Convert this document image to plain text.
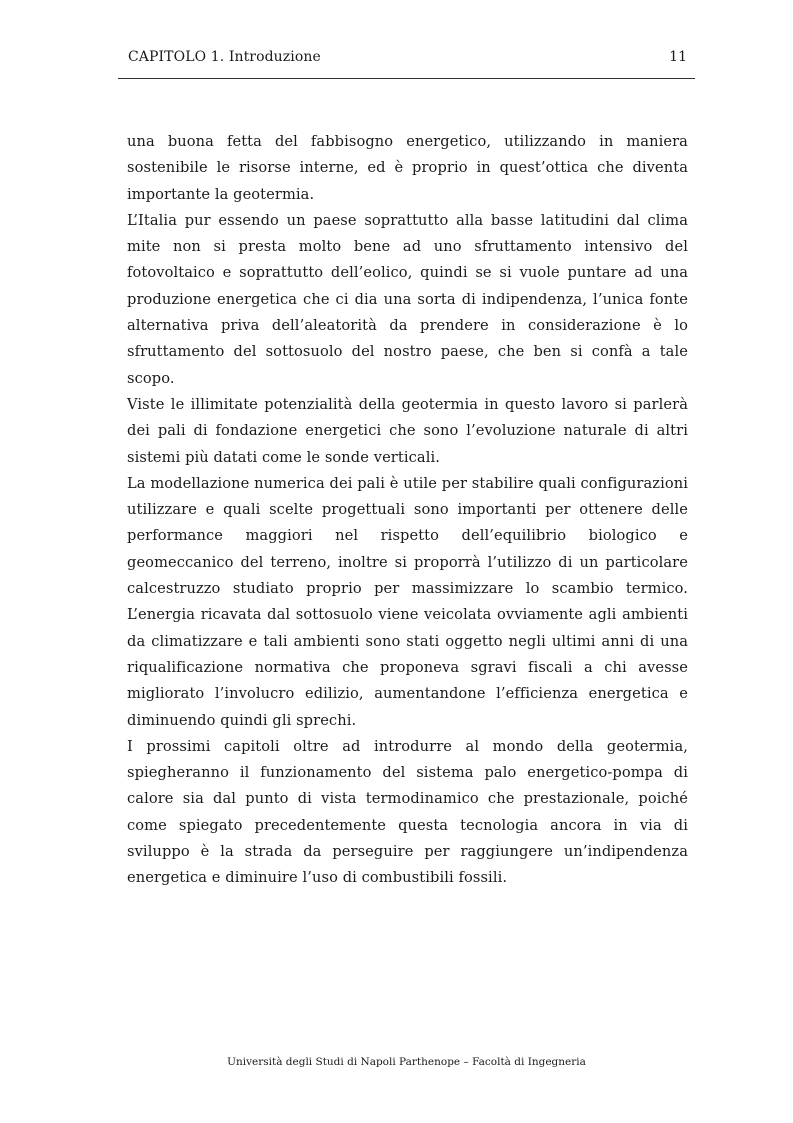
CAPITOLO 1. Introduzione	11

una buona fetta del fabbisogno energetico, utilizzando in maniera sostenibile le risorse interne, ed è proprio in quest’ottica che diventa importante la geotermia.

L’Italia pur essendo un paese soprattutto alla basse latitudini dal clima mite non si presta molto bene ad uno sfruttamento intensivo del fotovoltaico e soprattutto dell’eolico, quindi se si vuole puntare ad una produzione energetica che ci dia una sorta di indipendenza, l’unica fonte alternativa priva dell’aleatorità da prendere in considerazione è lo sfruttamento del sottosuolo del nostro paese, che ben si confà a tale scopo.

Viste le illimitate potenzialità della geotermia in questo lavoro si parlerà dei pali di fondazione energetici che sono l’evoluzione naturale di altri sistemi più datati come le sonde verticali.

La modellazione numerica dei pali è utile per stabilire quali configurazioni utilizzare e quali scelte progettuali sono importanti per ottenere delle performance maggiori nel rispetto dell’equilibrio biologico e geomeccanico del terreno, inoltre si proporrà l’utilizzo di un particolare calcestruzzo studiato proprio per massimizzare lo scambio termico. L’energia ricavata dal sottosuolo viene veicolata ovviamente agli ambienti da climatizzare e tali ambienti sono stati oggetto negli ultimi anni di una riqualificazione normativa che proponeva sgravi fiscali a chi avesse migliorato l’involucro edilizio, aumentandone l’efficienza energetica e diminuendo quindi gli sprechi.

I prossimi capitoli oltre ad introdurre al mondo della geotermia, spiegheranno il funzionamento del sistema palo energetico-pompa di calore sia dal punto di vista termodinamico che prestazionale, poiché come spiegato precedentemente questa tecnologia ancora in via di sviluppo è la strada da perseguire per raggiungere un’indipendenza energetica e diminuire l’uso di combustibili fossili.

Università degli Studi di Napoli Parthenope – Facoltà di Ingegneria
